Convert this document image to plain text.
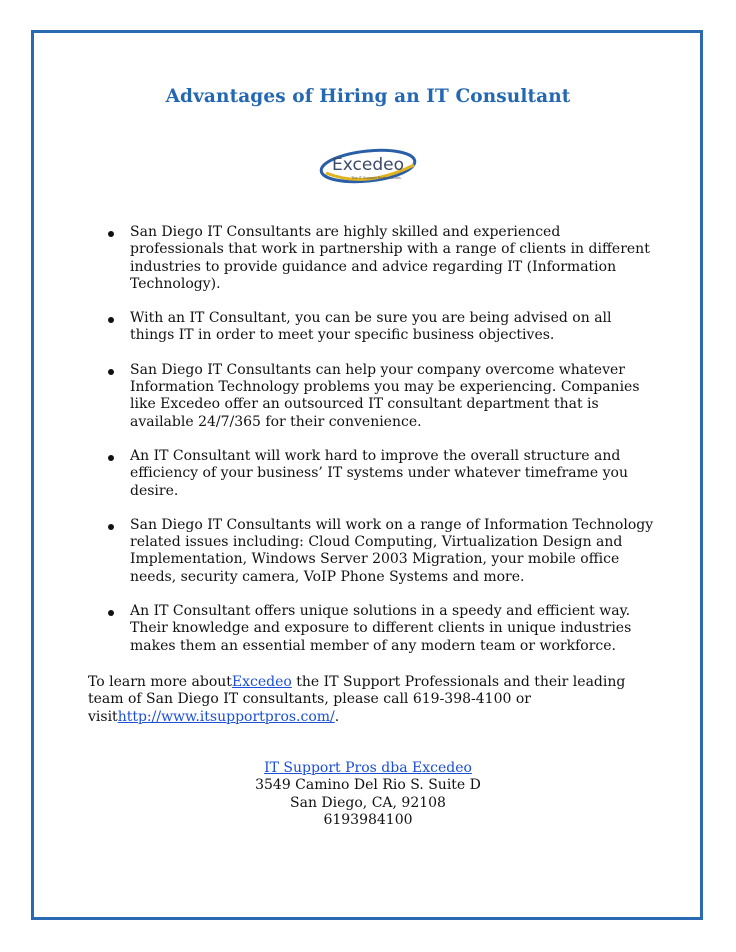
Advantages of Hiring an IT Consultant
Excedeo
The IT Support Professionals
San Diego IT Consultants are highly skilled and experienced professionals that work in partnership with a range of clients in different industries to provide guidance and advice regarding IT (Information Technology).
With an IT Consultant, you can be sure you are being advised on all things IT in order to meet your specific business objectives.
San Diego IT Consultants can help your company overcome whatever Information Technology problems you may be experiencing. Companies like Excedeo offer an outsourced IT consultant department that is available 24/7/365 for their convenience.
An IT Consultant will work hard to improve the overall structure and efficiency of your business’ IT systems under whatever timeframe you desire.
San Diego IT Consultants will work on a range of Information Technology related issues including: Cloud Computing, Virtualization Design and Implementation, Windows Server 2003 Migration, your mobile office needs, security camera, VoIP Phone Systems and more.
An IT Consultant offers unique solutions in a speedy and efficient way. Their knowledge and exposure to different clients in unique industries makes them an essential member of any modern team or workforce.
To learn more aboutExcedeo the IT Support Professionals and their leading team of San Diego IT consultants, please call 619-398-4100 or visithttp://www.itsupportpros.com/.
IT Support Pros dba Excedeo
3549 Camino Del Rio S. Suite D
San Diego, CA, 92108
6193984100
